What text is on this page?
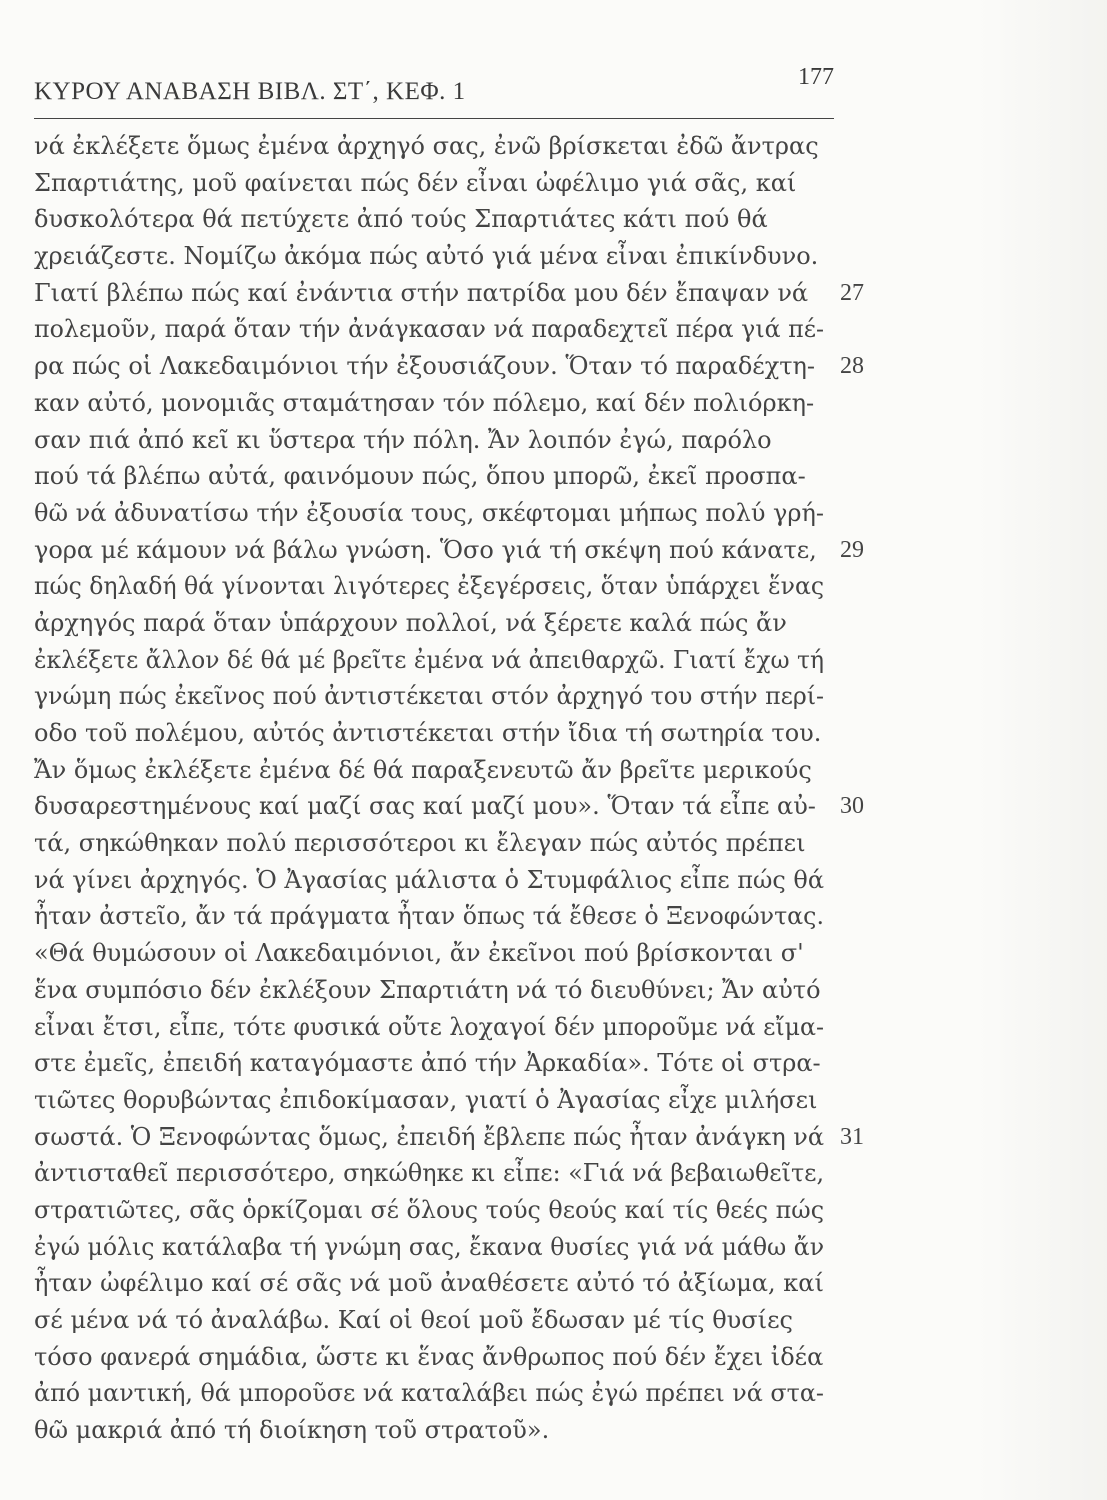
ΚΥΡΟΥ ΑΝΑΒΑΣΗ ΒΙΒΛ. ΣΤ΄, ΚΕΦ. 1
177
νά ἐκλέξετε ὅμως ἐμένα ἀρχηγό σας, ἐνῶ βρίσκεται ἐδῶ ἄντρας
Σπαρτιάτης, μοῦ φαίνεται πώς δέν εἶναι ὠφέλιμο γιά σᾶς, καί
δυσκολότερα θά πετύχετε ἀπό τούς Σπαρτιάτες κάτι πού θά
χρειάζεστε. Νομίζω ἀκόμα πώς αὐτό γιά μένα εἶναι ἐπικίνδυνο.
Γιατί βλέπω πώς καί ἐνάντια στήν πατρίδα μου δέν ἔπαψαν νά 27
πολεμοῦν, παρά ὅταν τήν ἀνάγκασαν νά παραδεχτεῖ πέρα γιά πέ-
ρα πώς οἱ Λακεδαιμόνιοι τήν ἐξουσιάζουν. Ὅταν τό παραδέχτη- 28
καν αὐτό, μονομιᾶς σταμάτησαν τόν πόλεμο, καί δέν πολιόρκη-
σαν πιά ἀπό κεῖ κι ὕστερα τήν πόλη. Ἄν λοιπόν ἐγώ, παρόλο
πού τά βλέπω αὐτά, φαινόμουν πώς, ὅπου μπορῶ, ἐκεῖ προσπα-
θῶ νά ἀδυνατίσω τήν ἐξουσία τους, σκέφτομαι μήπως πολύ γρή-
γορα μέ κάμουν νά βάλω γνώση. Ὅσο γιά τή σκέψη πού κάνατε, 29
πώς δηλαδή θά γίνονται λιγότερες ἐξεγέρσεις, ὅταν ὑπάρχει ἕνας
ἀρχηγός παρά ὅταν ὑπάρχουν πολλοί, νά ξέρετε καλά πώς ἄν
ἐκλέξετε ἄλλον δέ θά μέ βρεῖτε ἐμένα νά ἀπειθαρχῶ. Γιατί ἔχω τή
γνώμη πώς ἐκεῖνος πού ἀντιστέκεται στόν ἀρχηγό του στήν περί-
οδο τοῦ πολέμου, αὐτός ἀντιστέκεται στήν ἴδια τή σωτηρία του.
Ἄν ὅμως ἐκλέξετε ἐμένα δέ θά παραξενευτῶ ἄν βρεῖτε μερικούς
δυσαρεστημένους καί μαζί σας καί μαζί μου». Ὅταν τά εἶπε αὐ- 30
τά, σηκώθηκαν πολύ περισσότεροι κι ἔλεγαν πώς αὐτός πρέπει
νά γίνει ἀρχηγός. Ὁ Ἀγασίας μάλιστα ὁ Στυμφάλιος εἶπε πώς θά
ἦταν ἀστεῖο, ἄν τά πράγματα ἦταν ὅπως τά ἔθεσε ὁ Ξενοφώντας.
«Θά θυμώσουν οἱ Λακεδαιμόνιοι, ἄν ἐκεῖνοι πού βρίσκονται σ'
ἕνα συμπόσιο δέν ἐκλέξουν Σπαρτιάτη νά τό διευθύνει; Ἄν αὐτό
εἶναι ἔτσι, εἶπε, τότε φυσικά οὔτε λοχαγοί δέν μποροῦμε νά εἴμα-
στε ἐμεῖς, ἐπειδή καταγόμαστε ἀπό τήν Ἀρκαδία». Τότε οἱ στρα-
τιῶτες θορυβώντας ἐπιδοκίμασαν, γιατί ὁ Ἀγασίας εἶχε μιλήσει
σωστά. Ὁ Ξενοφώντας ὅμως, ἐπειδή ἔβλεπε πώς ἦταν ἀνάγκη νά 31
ἀντισταθεῖ περισσότερο, σηκώθηκε κι εἶπε: «Γιά νά βεβαιωθεῖτε,
στρατιῶτες, σᾶς ὁρκίζομαι σέ ὅλους τούς θεούς καί τίς θεές πώς
ἐγώ μόλις κατάλαβα τή γνώμη σας, ἔκανα θυσίες γιά νά μάθω ἄν
ἦταν ὠφέλιμο καί σέ σᾶς νά μοῦ ἀναθέσετε αὐτό τό ἀξίωμα, καί
σέ μένα νά τό ἀναλάβω. Καί οἱ θεοί μοῦ ἔδωσαν μέ τίς θυσίες
τόσο φανερά σημάδια, ὥστε κι ἕνας ἄνθρωπος πού δέν ἔχει ἰδέα
ἀπό μαντική, θά μποροῦσε νά καταλάβει πώς ἐγώ πρέπει νά στα-
θῶ μακριά ἀπό τή διοίκηση τοῦ στρατοῦ».
